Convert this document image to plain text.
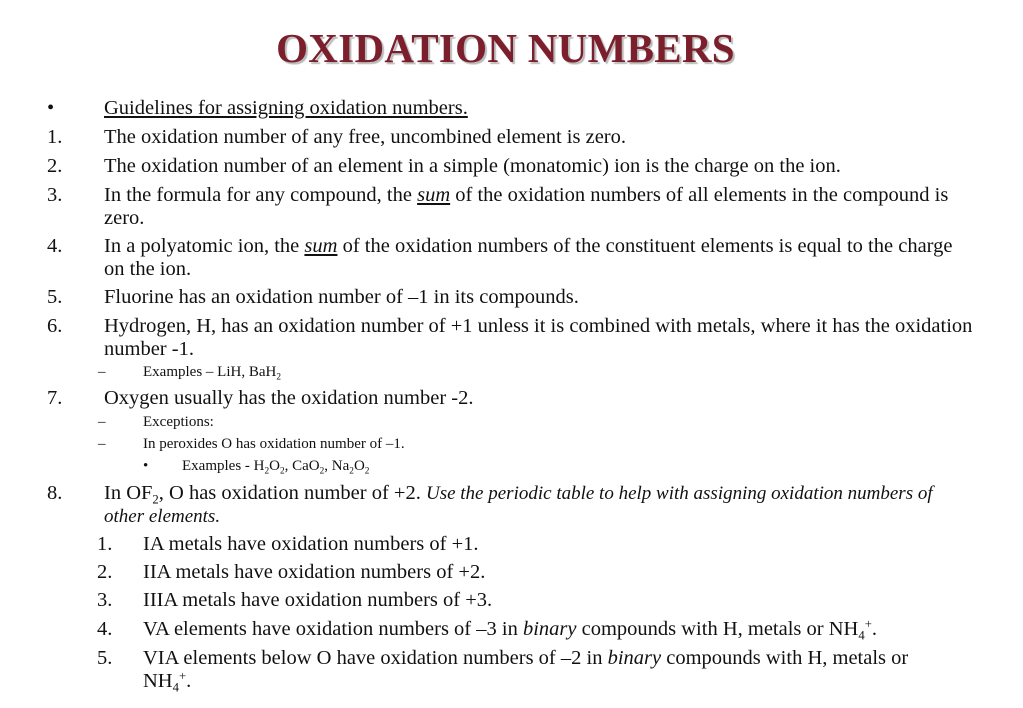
OXIDATION NUMBERS
• Guidelines for assigning oxidation numbers.
1. The oxidation number of any free, uncombined element is zero.
2. The oxidation number of an element in a simple (monatomic) ion is the charge on the ion.
3. In the formula for any compound, the sum of the oxidation numbers of all elements in the compound is zero.
4. In a polyatomic ion, the sum of the oxidation numbers of the constituent elements is equal to the charge on the ion.
5. Fluorine has an oxidation number of –1 in its compounds.
6. Hydrogen, H, has an oxidation number of +1 unless it is combined with metals, where it has the oxidation number -1.
–	Examples – LiH, BaH$_2$
7. Oxygen usually has the oxidation number -2.
–	Exceptions:
–	In peroxides O has oxidation number of –1.
• Examples - $H_2O_2$, CaO$_2$, $Na_2O_2$
8. In $OF_2$, O has oxidation number of +2. Use the periodic table to help with assigning oxidation numbers of other elements.
1. IA metals have oxidation numbers of +1.
2. IIA metals have oxidation numbers of +2.
3. IIIA metals have oxidation numbers of +3.
4. VA elements have oxidation numbers of –3 in binary compounds with H, metals or $NH_4^+$.
5. VIA elements below O have oxidation numbers of –2 in binary compounds with H, metals or $NH_4^+$.
